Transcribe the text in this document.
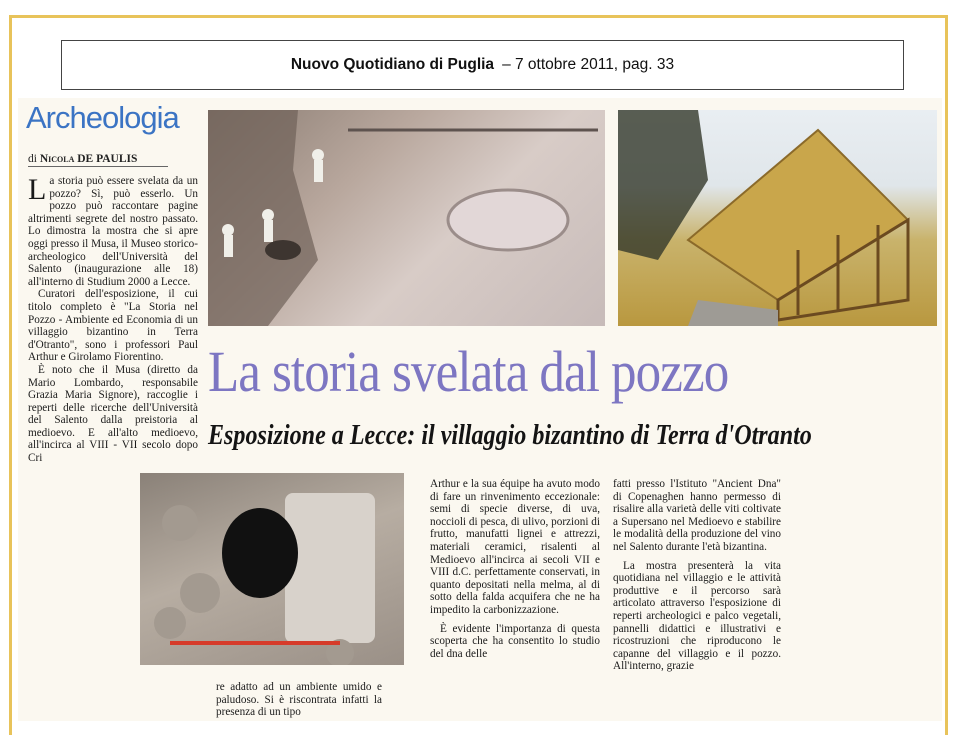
Nuovo Quotidiano di Puglia – 7 ottobre 2011, pag. 33
Archeologia
di Nicola DE PAULIS
La storia svelata dal pozzo
Esposizione a Lecce: il villaggio bizantino di Terra d'Otranto

La storia può essere svelata da un pozzo? Sì, può esserlo. Un pozzo può raccontare pagine altrimenti segrete del nostro passato. Lo dimostra la mostra che si apre oggi presso il Musa, il Museo storico-archeologico dell'Università del Salento (inaugurazione alle 18) all'interno di Studium 2000 a Lecce.

Curatori dell'esposizione, il cui titolo completo è "La Storia nel Pozzo - Ambiente ed Economia di un villaggio bizantino in Terra d'Otranto", sono i professori Paul Arthur e Girolamo Fiorentino.

È noto che il Musa (diretto da Mario Lombardo, responsabile Grazia Maria Signore), raccoglie i reperti delle ricerche dell'Università del Salento dalla preistoria al medioevo. E all'alto medioevo, all'incirca al VIII - VII secolo dopo Cri

re adatto ad un ambiente umido e paludoso. Si è riscontrata infatti la presenza di un tipo

Arthur e la sua équipe ha avuto modo di fare un rinvenimento eccezionale: semi di specie diverse, di uva, noccioli di pesca, di ulivo, porzioni di frutto, manufatti lignei e attrezzi, materiali ceramici, risalenti al Medioevo all'incirca ai secoli VII e VIII d.C. perfettamente conservati, in quanto depositati nella melma, al di sotto della falda acquifera che ne ha impedito la carbonizzazione.

È evidente l'importanza di questa scoperta che ha consentito lo studio del dna delle

fatti presso l'Istituto "Ancient Dna" di Copenaghen hanno permesso di risalire alla varietà delle viti coltivate a Supersano nel Medioevo e stabilire le modalità della produzione del vino nel Salento durante l'età bizantina.

La mostra presenterà la vita quotidiana nel villaggio e le attività produttive e il percorso sarà articolato attraverso l'esposizione di reperti archeologici e palco vegetali, pannelli didattici e illustrativi e ricostruzioni che riproducono le capanne del villaggio e il pozzo. All'interno, grazie
